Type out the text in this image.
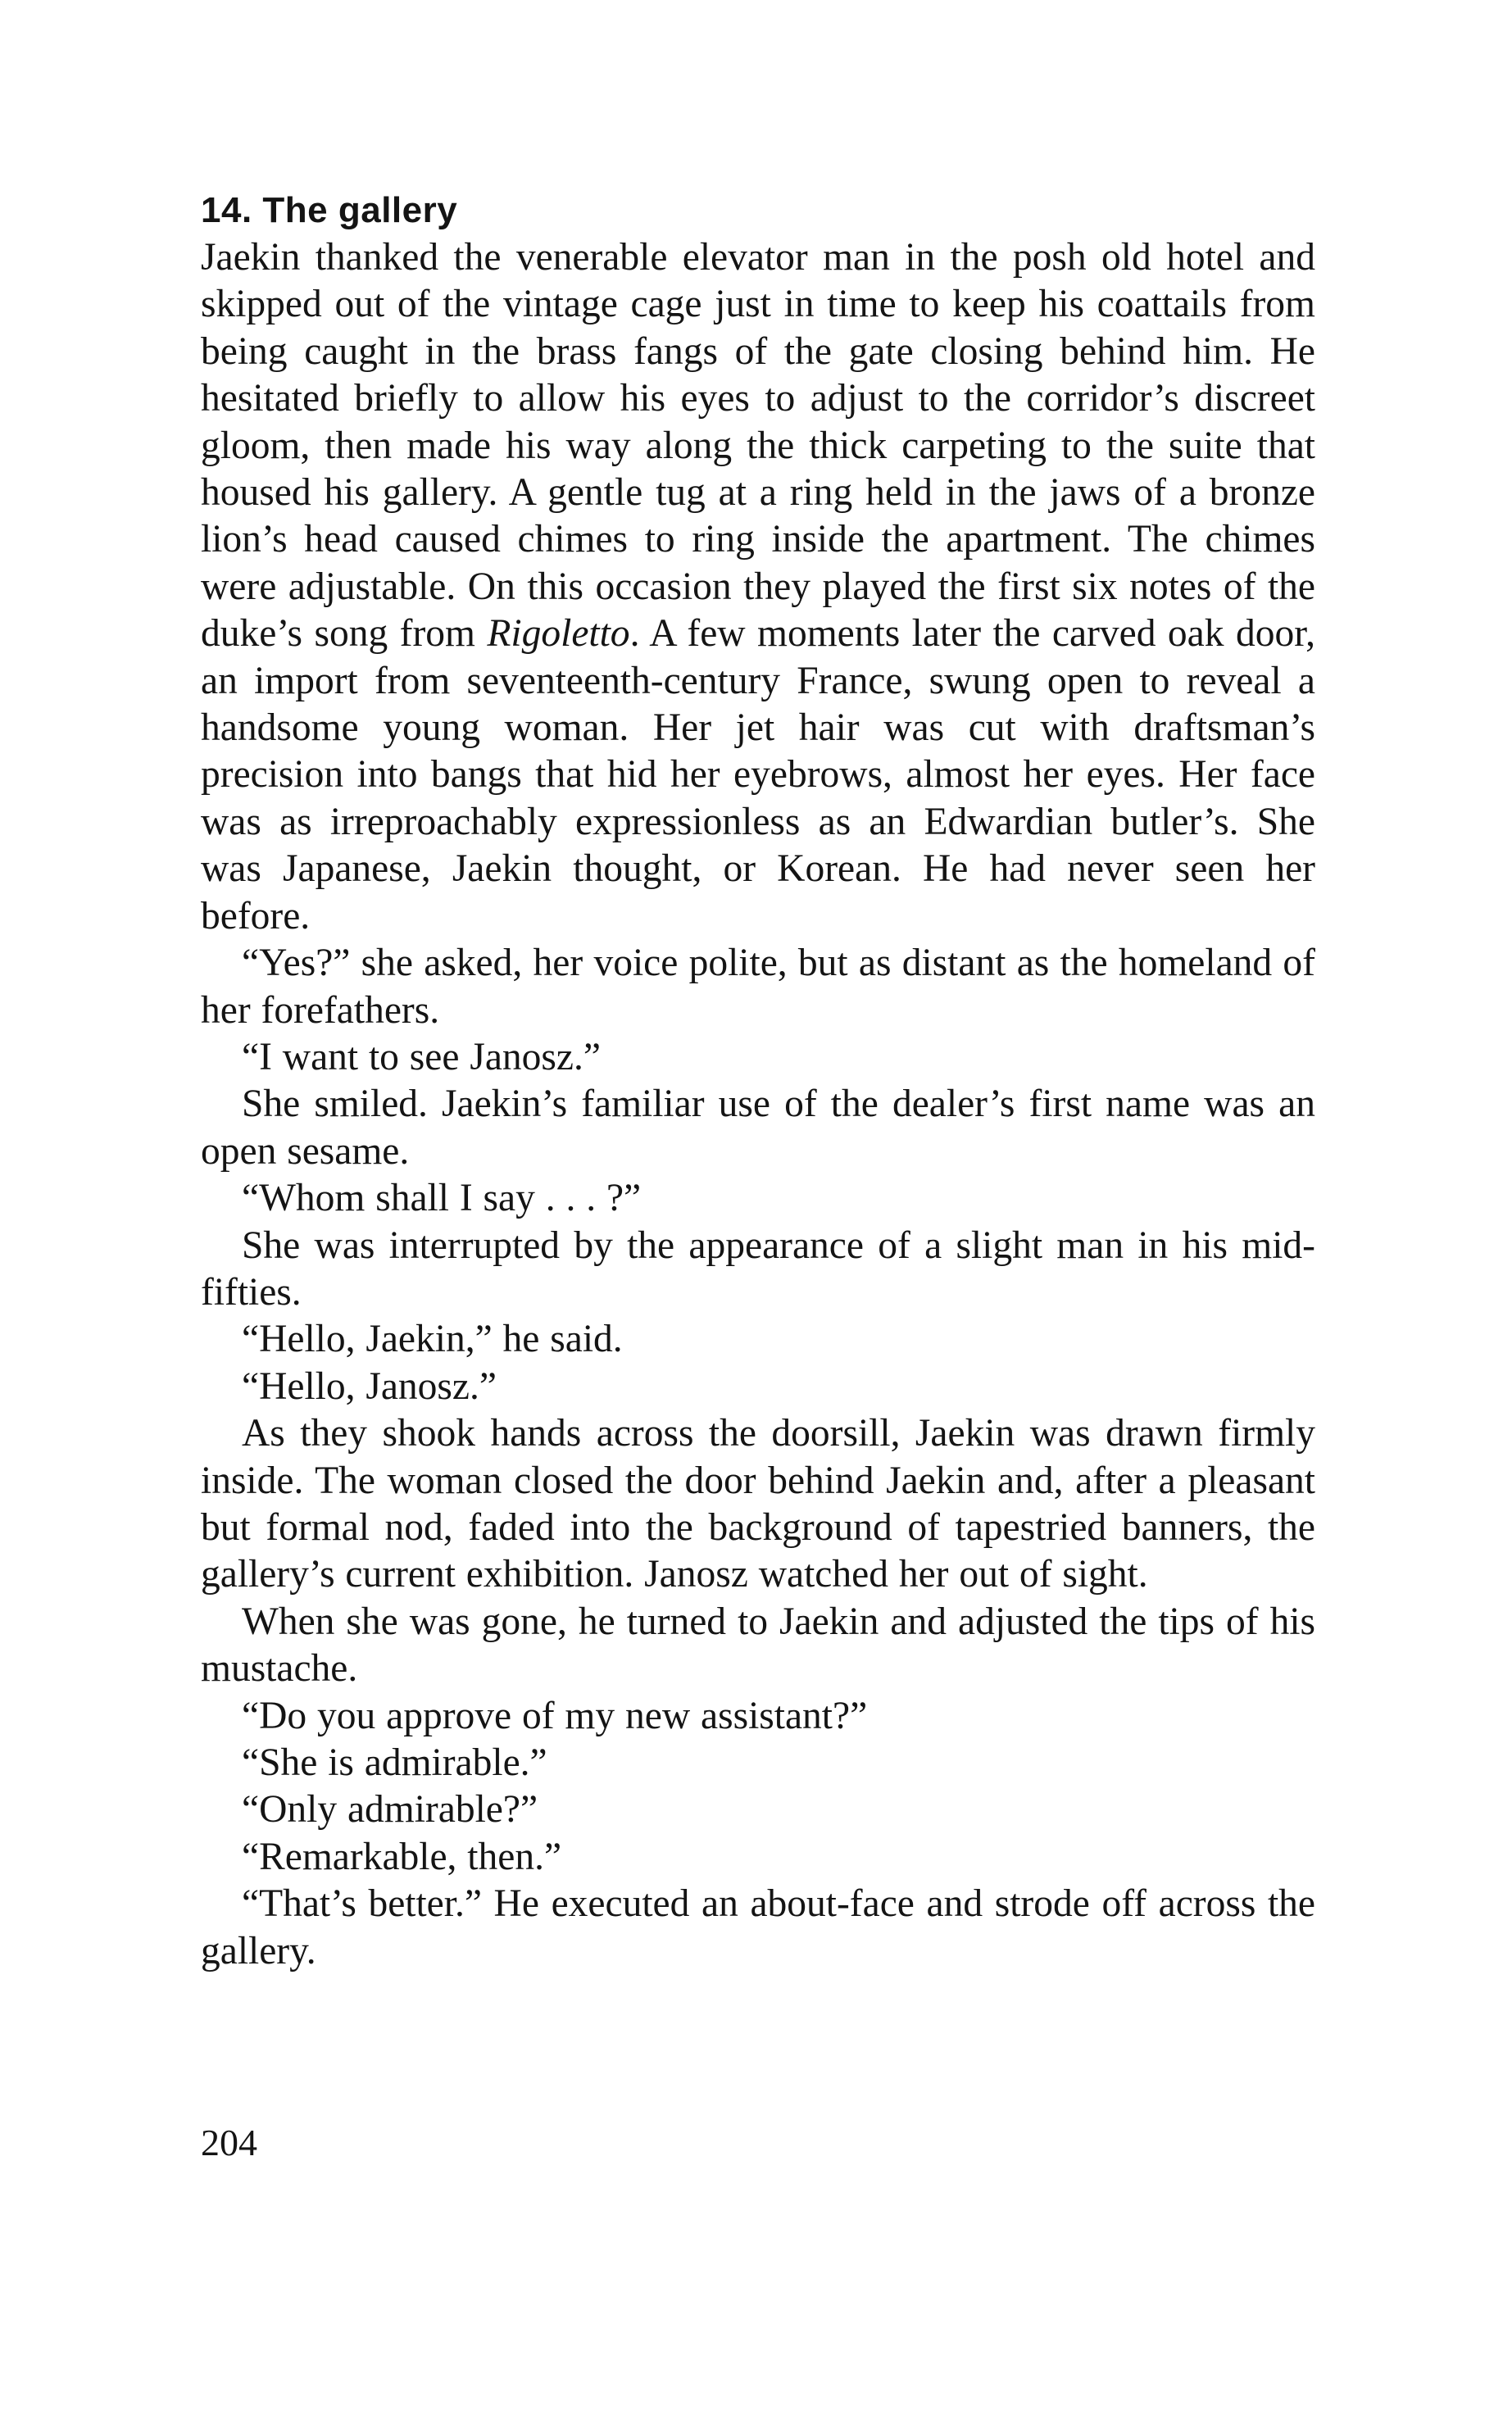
14. The gallery

Jaekin thanked the venerable elevator man in the posh old hotel and skipped out of the vintage cage just in time to keep his coattails from being caught in the brass fangs of the gate closing behind him. He hesitated briefly to allow his eyes to adjust to the corridor’s discreet gloom, then made his way along the thick carpeting to the suite that housed his gallery. A gentle tug at a ring held in the jaws of a bronze lion’s head caused chimes to ring inside the apartment. The chimes were adjustable. On this occasion they played the first six notes of the duke’s song from Rigoletto. A few moments later the carved oak door, an import from seventeenth-century France, swung open to reveal a handsome young woman. Her jet hair was cut with draftsman’s precision into bangs that hid her eyebrows, almost her eyes. Her face was as irreproachably expressionless as an Edwardian butler’s. She was Japanese, Jaekin thought, or Korean. He had never seen her before.

“Yes?” she asked, her voice polite, but as distant as the homeland of her forefathers.

“I want to see Janosz.”

She smiled. Jaekin’s familiar use of the dealer’s first name was an open sesame.

“Whom shall I say . . . ?”

She was interrupted by the appearance of a slight man in his mid-fifties.

“Hello, Jaekin,” he said.

“Hello, Janosz.”

As they shook hands across the doorsill, Jaekin was drawn firmly inside. The woman closed the door behind Jaekin and, after a pleasant but formal nod, faded into the background of tapestried banners, the gallery’s current exhibition. Janosz watched her out of sight.

When she was gone, he turned to Jaekin and adjusted the tips of his mustache.

“Do you approve of my new assistant?”

“She is admirable.”

“Only admirable?”

“Remarkable, then.”

“That’s better.” He executed an about-face and strode off across the gallery.

204
